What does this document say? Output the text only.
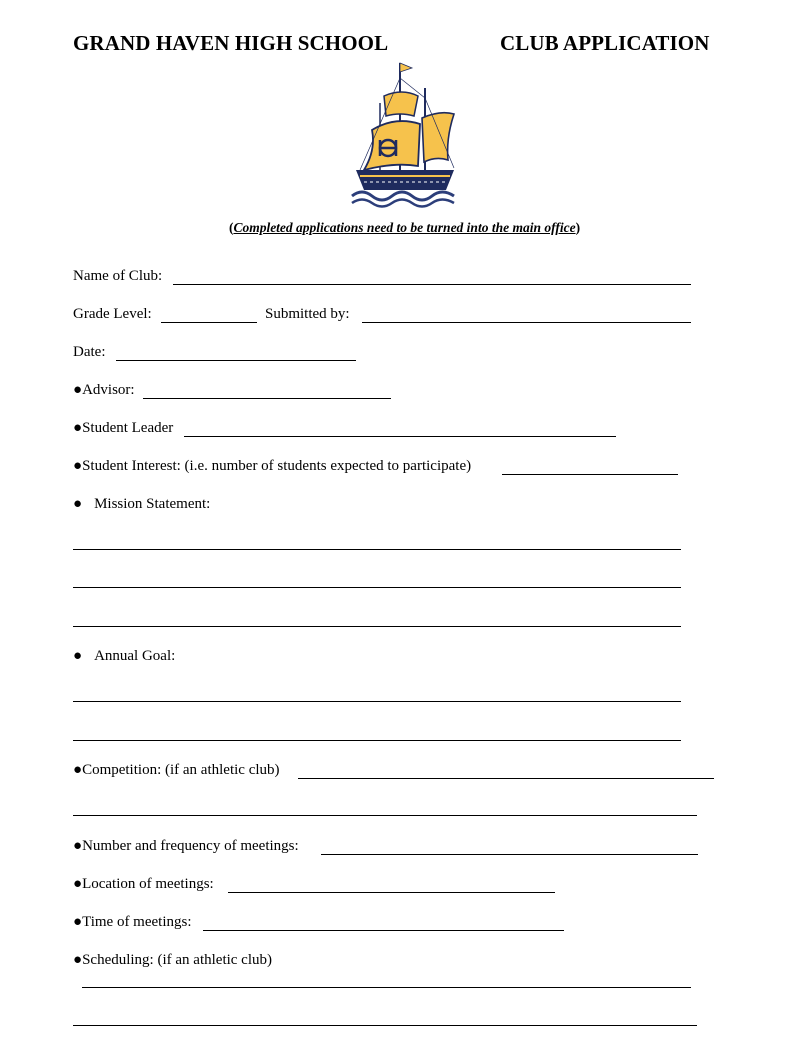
GRAND HAVEN HIGH SCHOOL	CLUB APPLICATION
(Completed applications need to be turned into the main office)
Name of Club:
Grade Level:	Submitted by:
Date:
●Advisor:
●Student Leader
●Student Interest: (i.e. number of students expected to participate)
● Mission Statement:
● Annual Goal:
●Competition: (if an athletic club)
●Number and frequency of meetings:
●Location of meetings:
●Time of meetings:
●Scheduling: (if an athletic club)
